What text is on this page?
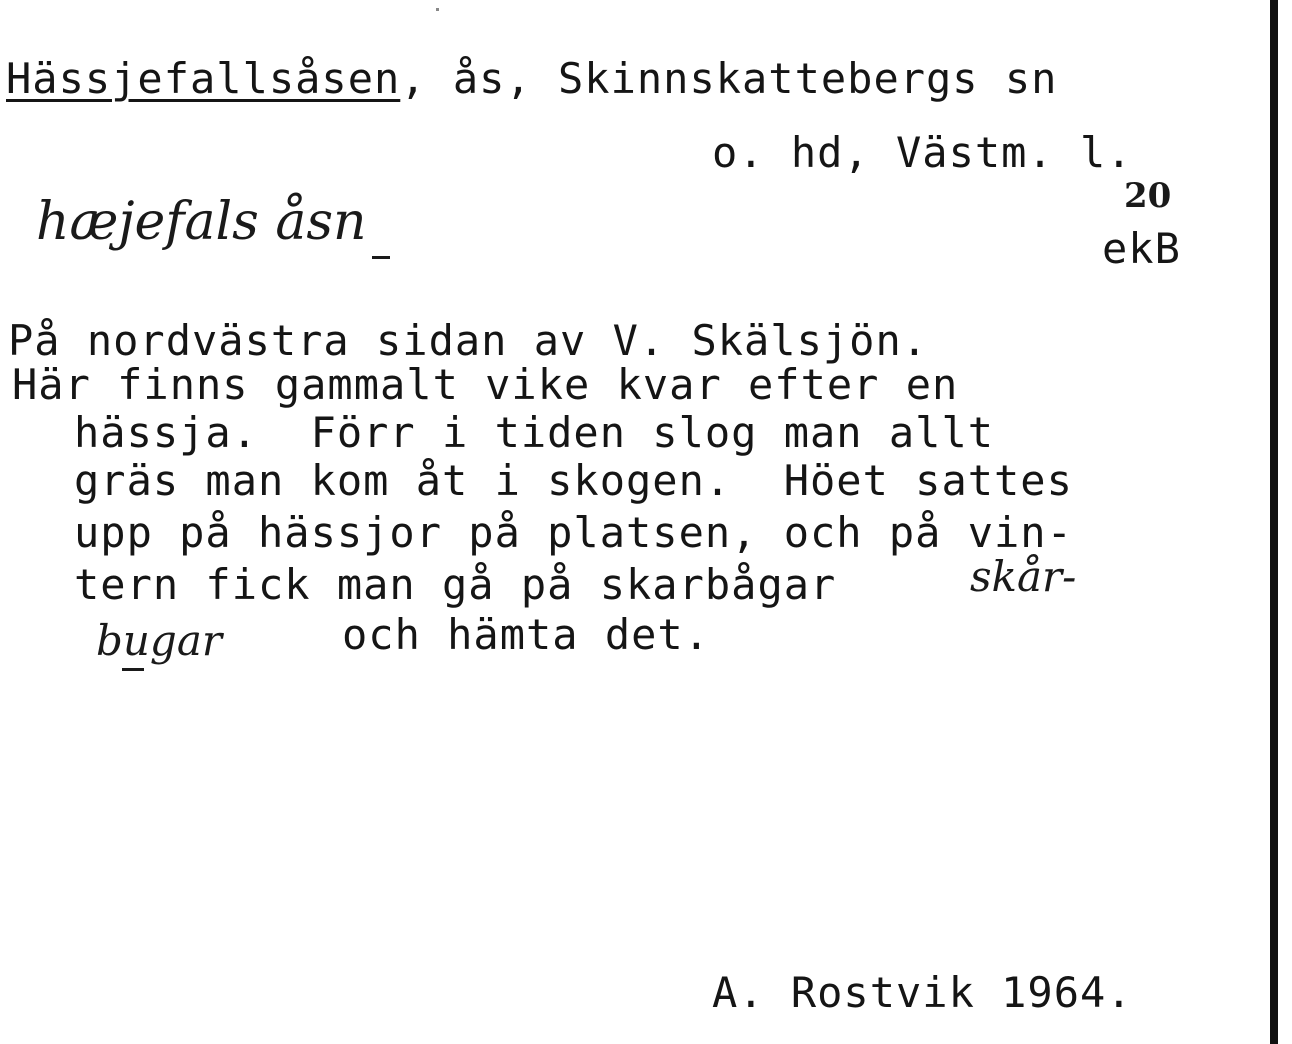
Hässjefallsåsen, ås, Skinnskattebergs sn
o. hd, Västm. l.
hæjefals åsn	20
ekB
På nordvästra sidan av V. Skälsjön.
Här finns gammalt vike kvar efter en
hässja.  Förr i tiden slog man allt
gräs man kom åt i skogen.  Höet sattes
upp på hässjor på platsen, och på vin-
tern fick man gå på skarbågar	skår-
bugar	och hämta det.
A. Rostvik 1964.
